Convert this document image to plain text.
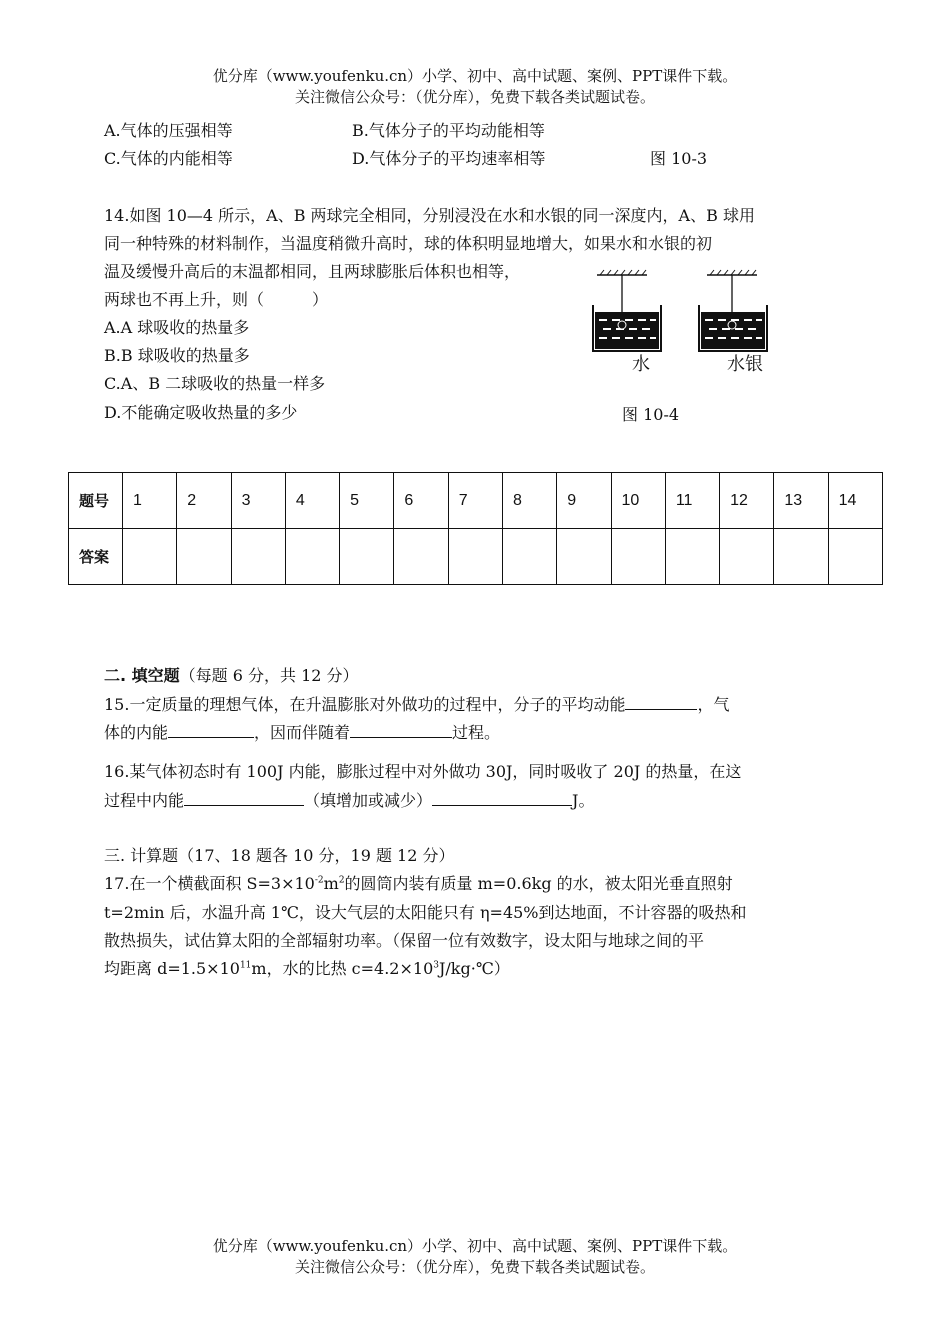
优分库（www.youfenku.cn）小学、初中、高中试题、案例、PPT课件下载。
关注微信公众号：（优分库），免费下载各类试题试卷。
A.气体的压强相等	B.气体分子的平均动能相等
C.气体的内能相等	D.气体分子的平均速率相等	图 10-3
14.如图 10—4 所示，A、B 两球完全相同，分别浸没在水和水银的同一深度内，A、B 球用
同一种特殊的材料制作，当温度稍微升高时，球的体积明显地增大，如果水和水银的初
温及缓慢升高后的末温都相同，且两球膨胀后体积也相等，
两球也不再上升，则（　　　）
A.A 球吸收的热量多
B.B 球吸收的热量多
C.A、B 二球吸收的热量一样多
D.不能确定吸收热量的多少
水	水银
图 10-4
题号	1	2	3	4	5	6	7	8	9	10	11	12	13	14
答案														
二. 填空题（每题 6 分，共 12 分）
15.一定质量的理想气体，在升温膨胀对外做功的过程中，分子的平均动能	，气
体的内能	，因而伴随着	过程。
16.某气体初态时有 100J 内能，膨胀过程中对外做功 30J，同时吸收了 20J 的热量，在这
过程中内能	（填增加或减少）	J。
三. 计算题（17、18 题各 10 分，19 题 12 分）
17.在一个横截面积 $S=3\times 10^{-2}m^2$的圆筒内装有质量 m=0.6kg 的水，被太阳光垂直照射
t=2min 后，水温升高 1℃，设大气层的太阳能只有 η=45%到达地面，不计容器的吸热和
散热损失，试估算太阳的全部辐射功率。（保留一位有效数字，设太阳与地球之间的平
均距离 $d=1.5\times 10^{11}m$，水的比热 $c=4.2\times 10^3J/kg\cdot℃$）
优分库（www.youfenku.cn）小学、初中、高中试题、案例、PPT课件下载。
关注微信公众号：（优分库），免费下载各类试题试卷。
